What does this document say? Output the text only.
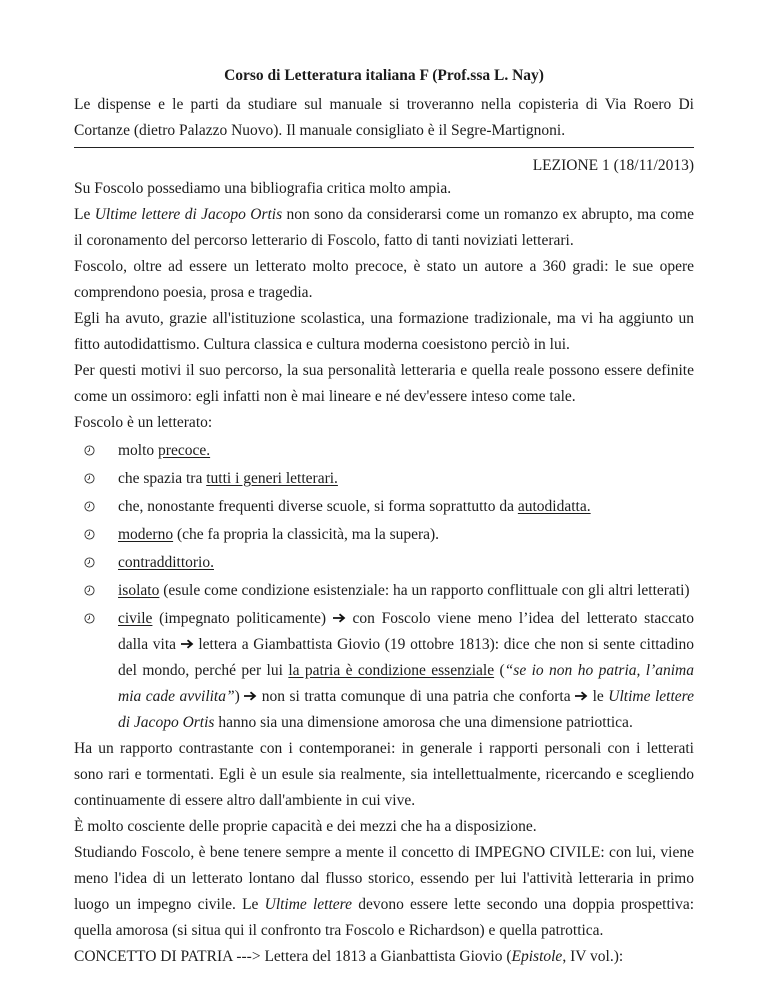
Corso di Letteratura italiana F (Prof.ssa L. Nay)

Le dispense e le parti da studiare sul manuale si troveranno nella copisteria di Via Roero Di Cortanze (dietro Palazzo Nuovo). Il manuale consigliato è il Segre-Martignoni.

LEZIONE 1 (18/11/2013)

Su Foscolo possediamo una bibliografia critica molto ampia.

Le Ultime lettere di Jacopo Ortis non sono da considerarsi come un romanzo ex abrupto, ma come il coronamento del percorso letterario di Foscolo, fatto di tanti noviziati letterari.

Foscolo, oltre ad essere un letterato molto precoce, è stato un autore a 360 gradi: le sue opere comprendono poesia, prosa e tragedia.

Egli ha avuto, grazie all'istituzione scolastica, una formazione tradizionale, ma vi ha aggiunto un fitto autodidattismo. Cultura classica e cultura moderna coesistono perciò in lui.

Per questi motivi il suo percorso, la sua personalità letteraria e quella reale possono essere definite come un ossimoro: egli infatti non è mai lineare e né dev'essere inteso come tale.

Foscolo è un letterato:

molto precoce.
che spazia tra tutti i generi letterari.
che, nonostante frequenti diverse scuole, si forma soprattutto da autodidatta.
moderno (che fa propria la classicità, ma la supera).
contraddittorio.
isolato (esule come condizione esistenziale: ha un rapporto conflittuale con gli altri letterati)
civile (impegnato politicamente)  con Foscolo viene meno l’idea del letterato staccato dalla vita  lettera a Giambattista Giovio (19 ottobre 1813): dice che non si sente cittadino del mondo, perché per lui la patria è condizione essenziale (“se io non ho patria, l’anima mia cade avvilita”)  non si tratta comunque di una patria che conforta  le Ultime lettere di Jacopo Ortis hanno sia una dimensione amorosa che una dimensione patriottica.

Ha un rapporto contrastante con i contemporanei: in generale i rapporti personali con i letterati sono rari e tormentati. Egli è un esule sia realmente, sia intellettualmente, ricercando e scegliendo continuamente di essere altro dall'ambiente in cui vive.

È molto cosciente delle proprie capacità e dei mezzi che ha a disposizione.

Studiando Foscolo, è bene tenere sempre a mente il concetto di IMPEGNO CIVILE: con lui, viene meno l'idea di un letterato lontano dal flusso storico, essendo per lui l'attività letteraria in primo luogo un impegno civile. Le Ultime lettere devono essere lette secondo una doppia prospettiva: quella amorosa (si situa qui il confronto tra Foscolo e Richardson) e quella patrottica.

CONCETTO DI PATRIA ---> Lettera del 1813 a Gianbattista Giovio (Epistole, IV vol.):
